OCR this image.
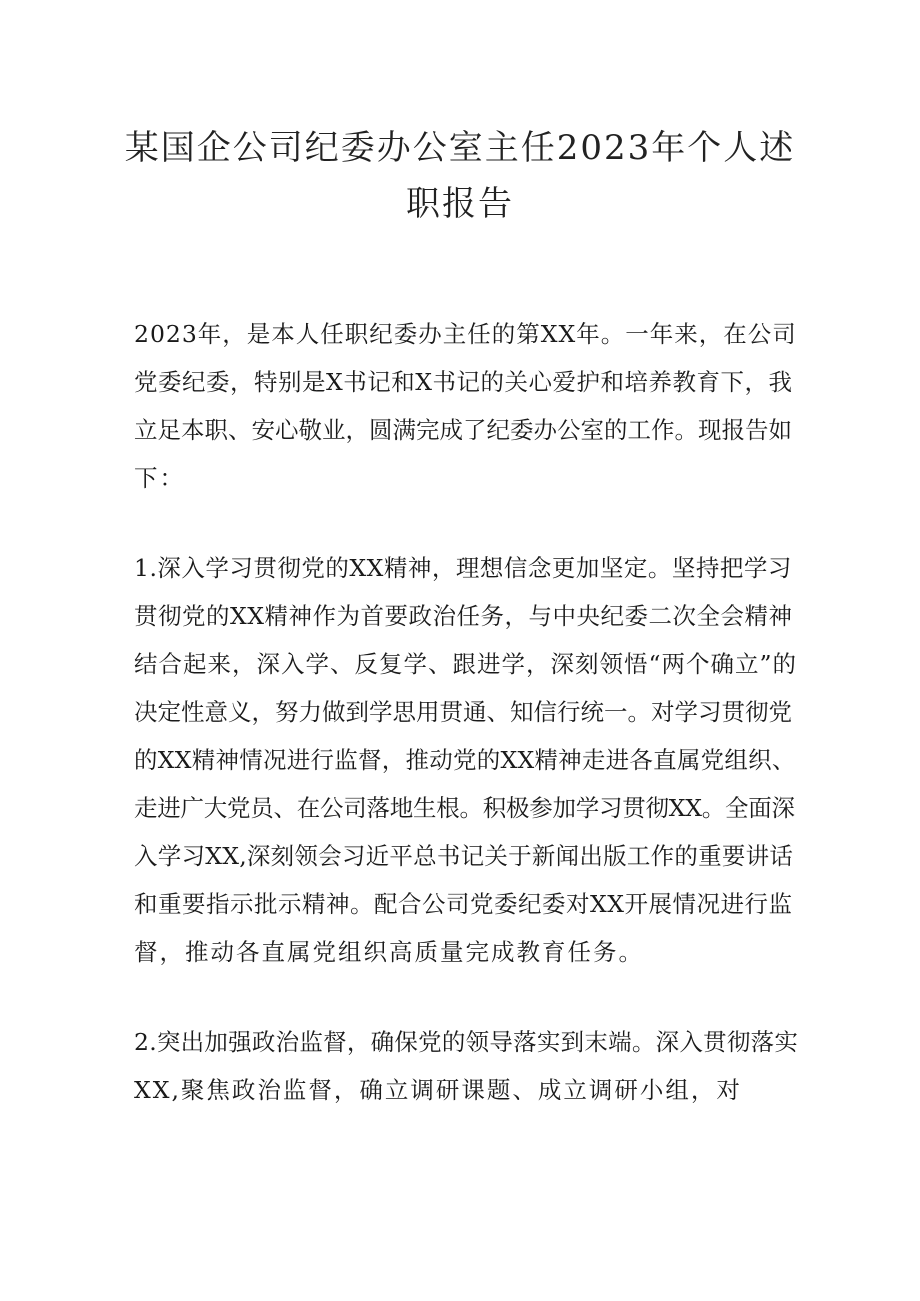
某国企公司纪委办公室主任2023年个人述
职报告
2023年，是本人任职纪委办主任的第XX年。一年来，在公司
党委纪委，特别是X书记和X书记的关心爱护和培养教育下，我
立足本职、安心敬业，圆满完成了纪委办公室的工作。现报告如
下：
1.深入学习贯彻党的XX精神，理想信念更加坚定。坚持把学习
贯彻党的XX精神作为首要政治任务，与中央纪委二次全会精神
结合起来，深入学、反复学、跟进学，深刻领悟“两个确立”的
决定性意义，努力做到学思用贯通、知信行统一。对学习贯彻党
的XX精神情况进行监督，推动党的XX精神走进各直属党组织、
走进广大党员、在公司落地生根。积极参加学习贯彻XX。全面深
入学习XX,深刻领会习近平总书记关于新闻出版工作的重要讲话
和重要指示批示精神。配合公司党委纪委对XX开展情况进行监
督，推动各直属党组织高质量完成教育任务。
2.突出加强政治监督，确保党的领导落实到末端。深入贯彻落实
XX,聚焦政治监督，确立调研课题、成立调研小组，对
